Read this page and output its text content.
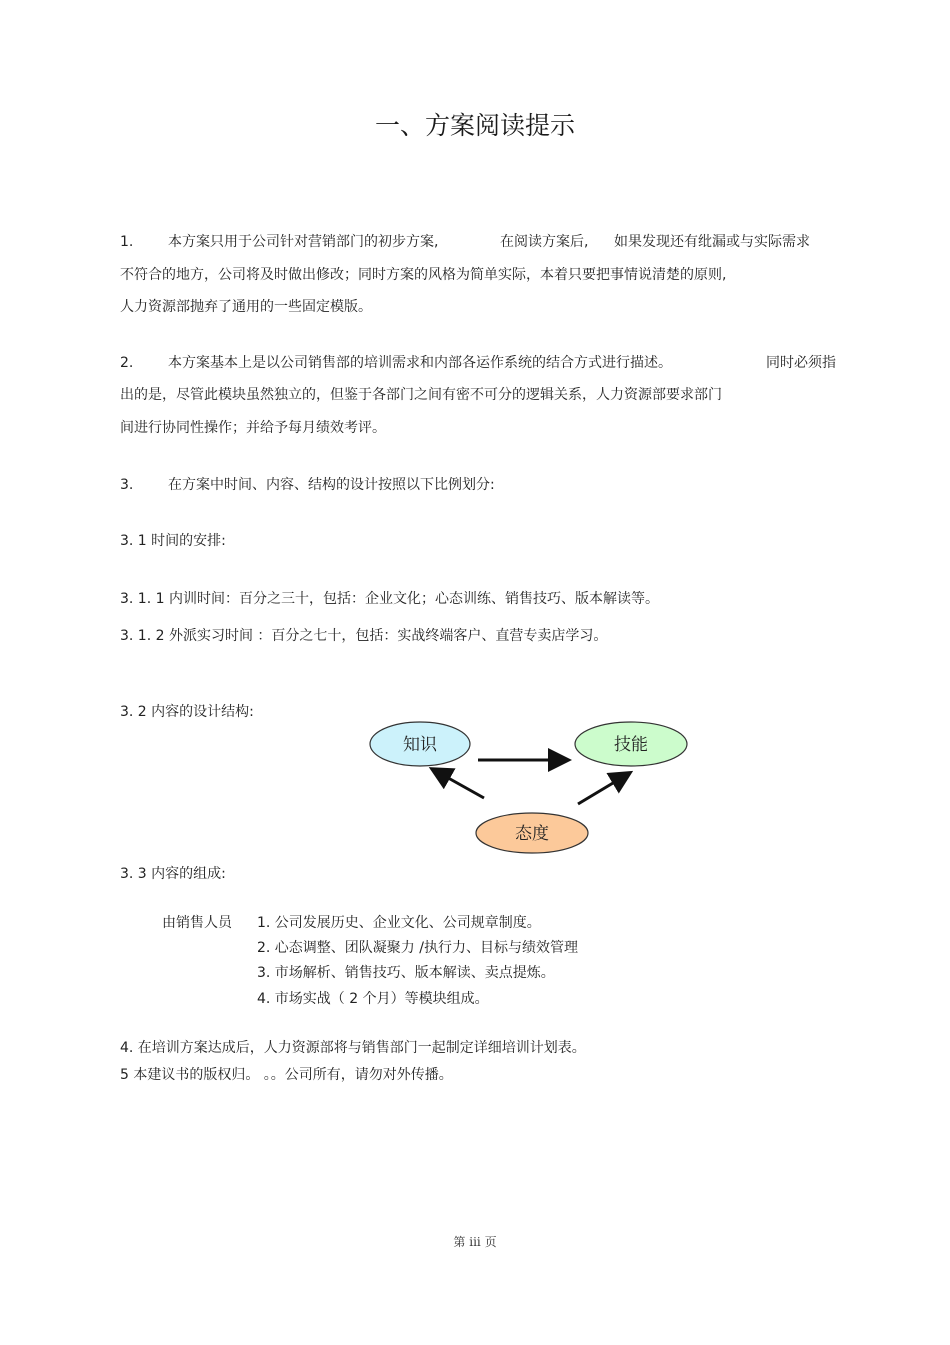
一、方案阅读提示
1. 本方案只用于公司针对营销部门的初步方案,	在阅读方案后, 如果发现还有纰漏或与实际需求
不符合的地方，公司将及时做出修改；同时方案的风格为简单实际，本着只要把事情说清楚的原则,
人力资源部抛弃了通用的一些固定模版。
2. 本方案基本上是以公司销售部的培训需求和内部各运作系统的结合方式进行描述。	同时必须指
出的是，尽管此模块虽然独立的，但鉴于各部门之间有密不可分的逻辑关系，人力资源部要求部门
间进行协同性操作；并给予每月绩效考评。
3. 在方案中时间、内容、结构的设计按照以下比例划分:
3. 1 时间的安排:
3. 1. 1 内训时间：百分之三十，包括：企业文化；心态训练、销售技巧、版本解读等。
3. 1. 2 外派实习时间 ：百分之七十，包括：实战终端客户、直营专卖店学习。
3. 2 内容的设计结构:
知识	技能
态度
3. 3 内容的组成:
由销售人员 1. 公司发展历史、企业文化、公司规章制度。
2. 心态调整、团队凝聚力 /执行力、目标与绩效管理
3. 市场解析、销售技巧、版本解读、卖点提炼。
4. 市场实战（ 2 个月）等模块组成。
4. 在培训方案达成后，人力资源部将与销售部门一起制定详细培训计划表。
5 本建议书的版权归。 。。公司所有，请勿对外传播。
第 iii 页
